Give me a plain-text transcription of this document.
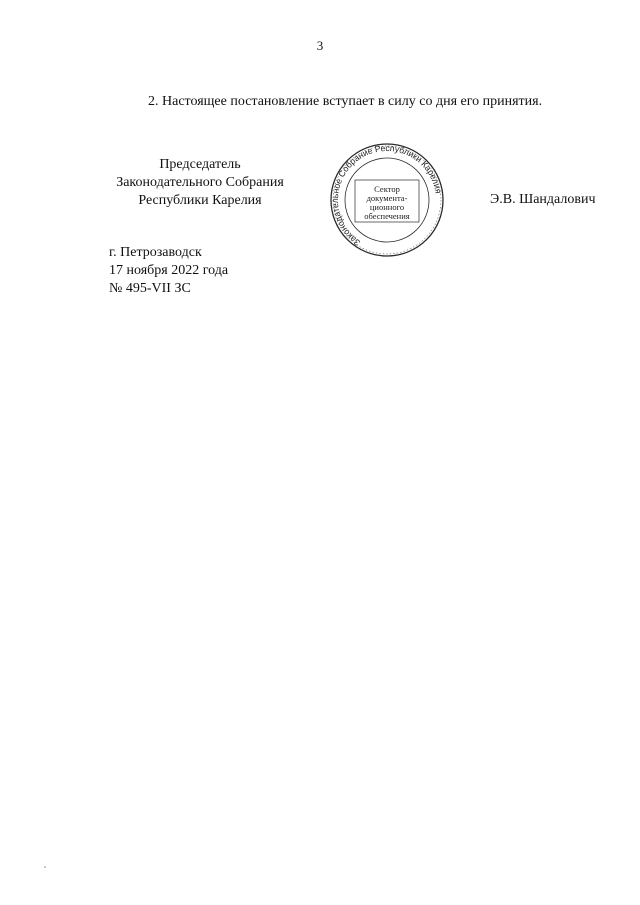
3
2. Настоящее постановление вступает в силу со дня его принятия.
Председатель
Законодательного Собрания
Республики Карелия
Законодательное Собрание Республики Карелия
Сектор
документа-
ционного
обеспечения
Э.В. Шандалович
г. Петрозаводск
17 ноября 2022 года
№ 495-VII ЗС
